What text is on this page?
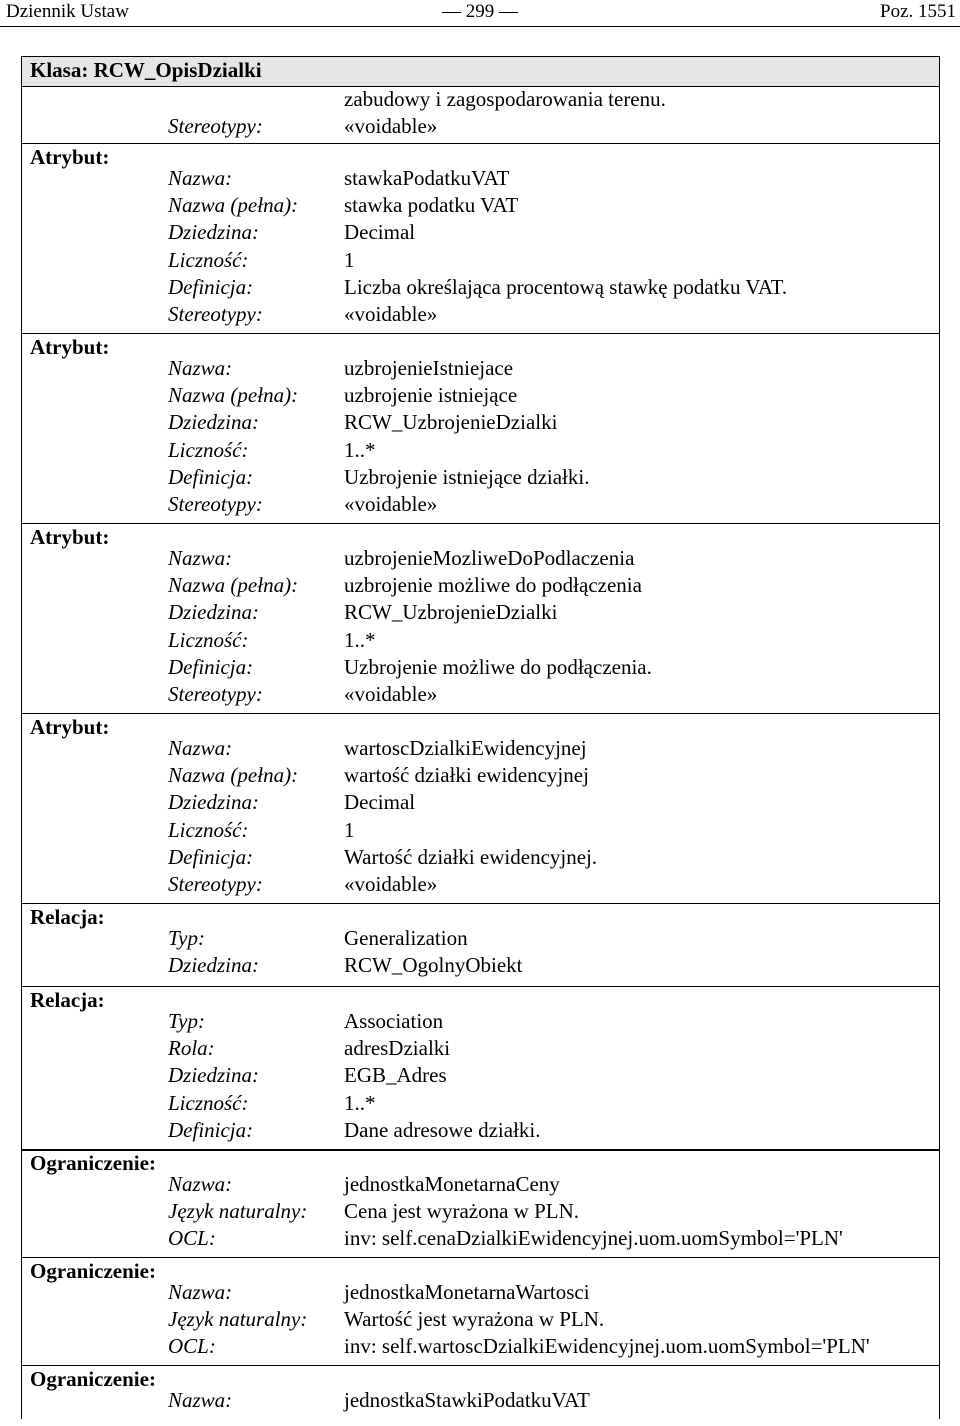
Dziennik Ustaw	— 299 —	Poz. 1551
Klasa: RCW_OpisDzialki
zabudowy i zagospodarowania terenu.
Stereotypy:	«voidable»
Atrybut:
Nazwa:	stawkaPodatkuVAT
Nazwa (pełna): stawka podatku VAT
Dziedzina:	Decimal
Liczność:	1
Definicja:	Liczba określająca procentową stawkę podatku VAT.
Stereotypy:	«voidable»
Atrybut:
Nazwa:	uzbrojenieIstniejace
Nazwa (pełna): uzbrojenie istniejące
Dziedzina:	RCW_UzbrojenieDzialki
Liczność:	1..*
Definicja:	Uzbrojenie istniejące działki.
Stereotypy:	«voidable»
Atrybut:
Nazwa:	uzbrojenieMozliweDoPodlaczenia
Nazwa (pełna): uzbrojenie możliwe do podłączenia
Dziedzina:	RCW_UzbrojenieDzialki
Liczność:	1..*
Definicja:	Uzbrojenie możliwe do podłączenia.
Stereotypy:	«voidable»
Atrybut:
Nazwa:	wartoscDzialkiEwidencyjnej
Nazwa (pełna): wartość działki ewidencyjnej
Dziedzina:	Decimal
Liczność:	1
Definicja:	Wartość działki ewidencyjnej.
Stereotypy:	«voidable»
Relacja:
Typ:	Generalization
Dziedzina:	RCW_OgolnyObiekt
Relacja:
Typ:	Association
Rola:	adresDzialki
Dziedzina:	EGB_Adres
Liczność:	1..*
Definicja:	Dane adresowe działki.
Ograniczenie:
Nazwa:	jednostkaMonetarnaCeny
Język naturalny: Cena jest wyrażona w PLN.
OCL:	inv: self.cenaDzialkiEwidencyjnej.uom.uomSymbol='PLN'
Ograniczenie:
Nazwa:	jednostkaMonetarnaWartosci
Język naturalny: Wartość jest wyrażona w PLN.
OCL:	inv: self.wartoscDzialkiEwidencyjnej.uom.uomSymbol='PLN'
Ograniczenie:
Nazwa:	jednostkaStawkiPodatkuVAT
